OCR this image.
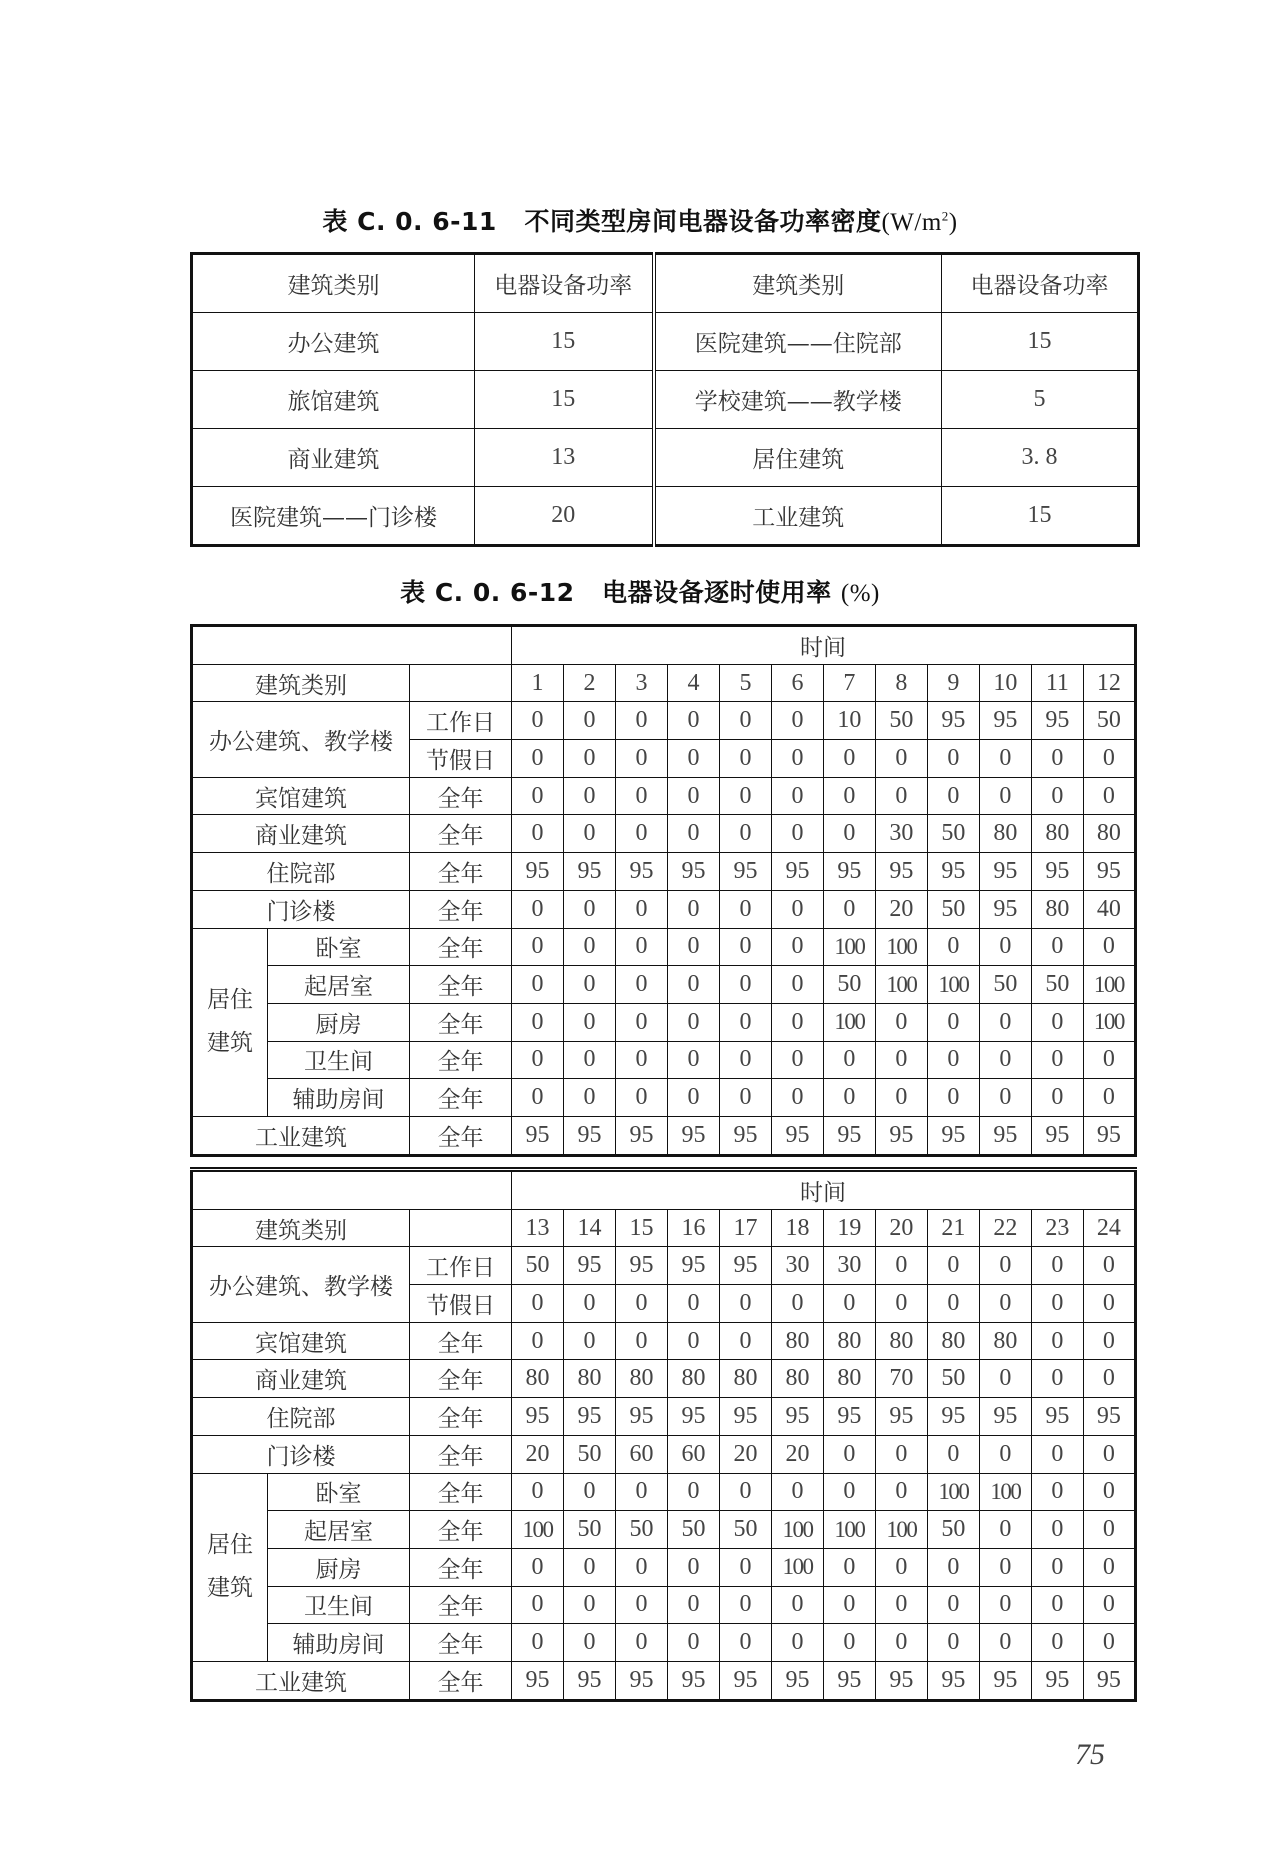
表 C. 0. 6-11 不同类型房间电器设备功率密度$(W/m^2)$
建筑类别	电器设备功率	建筑类别	电器设备功率
办公建筑	15	医院建筑——住院部	15
旅馆建筑	15	学校建筑——教学楼	5
商业建筑	13	居住建筑	3. 8
医院建筑——门诊楼	20	工业建筑	15
表 C. 0. 6-12 电器设备逐时使用率 (%)
			时间											
建筑类别			1	2	3	4	5	6	7	8	9	10	11	12
办公建筑、教学楼		工作日	0	0	0	0	0	0	10	50	95	95	95	50
		节假日	0	0	0	0	0	0	0	0	0	0	0	0
宾馆建筑		全年	0	0	0	0	0	0	0	0	0	0	0	0
商业建筑		全年	0	0	0	0	0	0	0	30	50	80	80	80
住院部		全年	95	95	95	95	95	95	95	95	95	95	95	95
门诊楼		全年	0	0	0	0	0	0	0	20	50	95	80	40

居住
建筑	卧室	全年	0	0	0	0	0	0	100	100	0	0	0	0
	起居室	全年	0	0	0	0	0	0	50	100	100	50	50	100
	厨房	全年	0	0	0	0	0	0	100	0	0	0	0	100
	卫生间	全年	0	0	0	0	0	0	0	0	0	0	0	0
	辅助房间	全年	0	0	0	0	0	0	0	0	0	0	0	0
工业建筑		全年	95	95	95	95	95	95	95	95	95	95	95	95
			时间											
建筑类别			13	14	15	16	17	18	19	20	21	22	23	24
办公建筑、教学楼		工作日	50	95	95	95	95	30	30	0	0	0	0	0
		节假日	0	0	0	0	0	0	0	0	0	0	0	0
宾馆建筑		全年	0	0	0	0	0	80	80	80	80	80	0	0
商业建筑		全年	80	80	80	80	80	80	80	70	50	0	0	0
住院部		全年	95	95	95	95	95	95	95	95	95	95	95	95
门诊楼		全年	20	50	60	60	20	20	0	0	0	0	0	0

居住
建筑	卧室	全年	0	0	0	0	0	0	0	0	100	100	0	0
	起居室	全年	100	50	50	50	50	100	100	100	50	0	0	0
	厨房	全年	0	0	0	0	0	100	0	0	0	0	0	0
	卫生间	全年	0	0	0	0	0	0	0	0	0	0	0	0
	辅助房间	全年	0	0	0	0	0	0	0	0	0	0	0	0
工业建筑		全年	95	95	95	95	95	95	95	95	95	95	95	95
75
